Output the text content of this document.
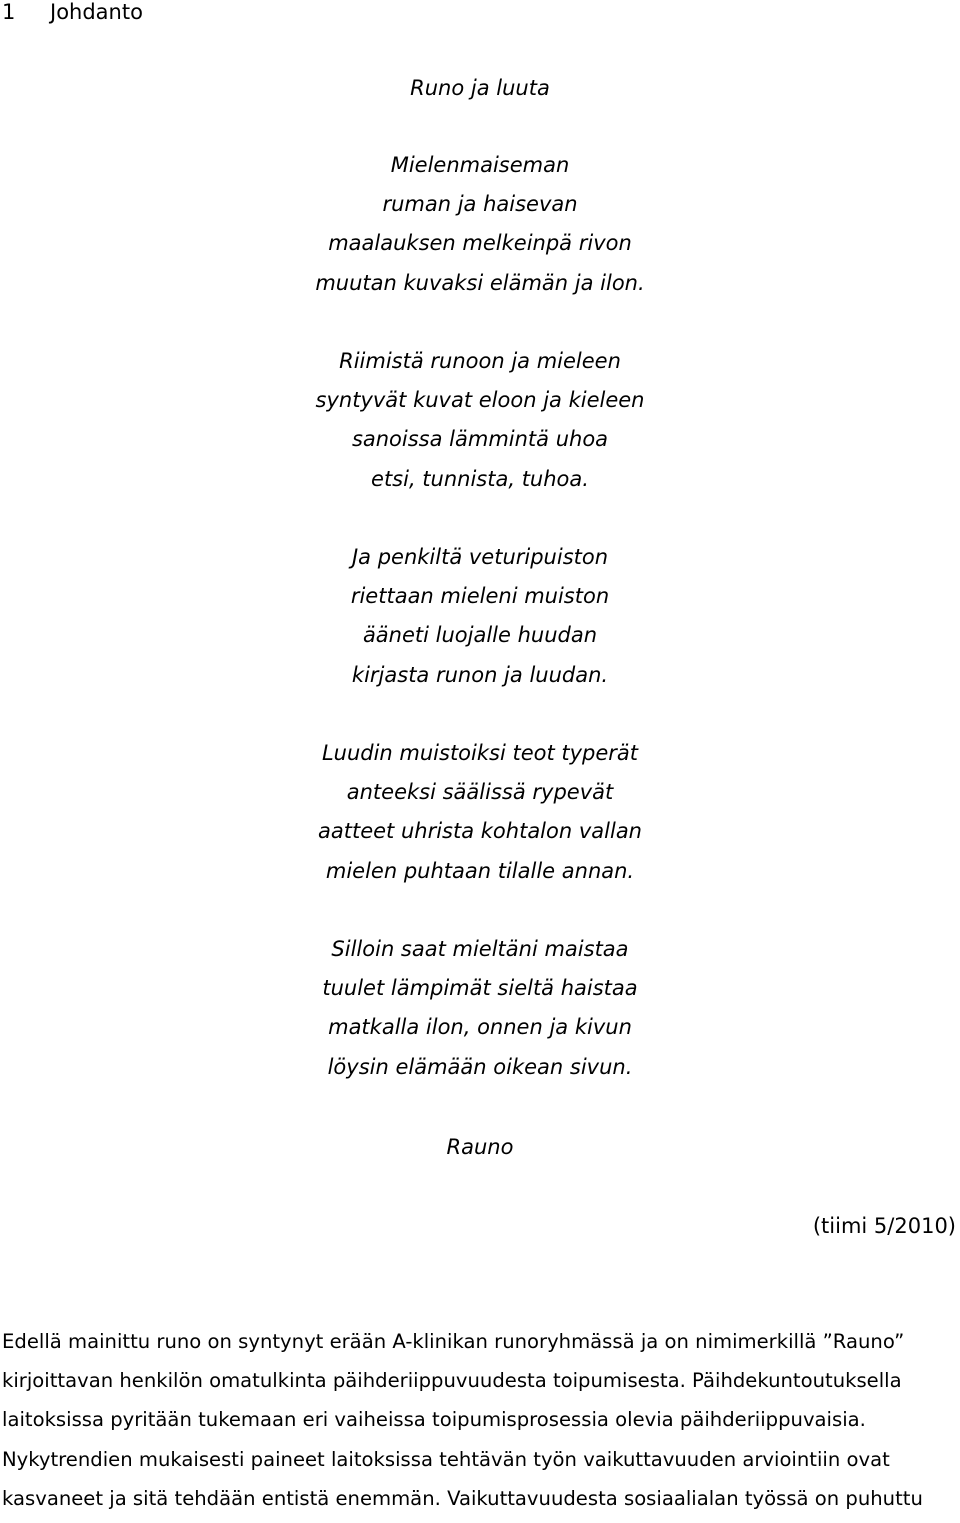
1 Johdanto
Runo ja luuta
Mielenmaiseman
ruman ja haisevan
maalauksen melkeinpä rivon
muutan kuvaksi elämän ja ilon.
Riimistä runoon ja mieleen
syntyvät kuvat eloon ja kieleen
sanoissa lämmintä uhoa
etsi, tunnista, tuhoa.
Ja penkiltä veturipuiston
riettaan mieleni muiston
ääneti luojalle huudan
kirjasta runon ja luudan.
Luudin muistoiksi teot typerät
anteeksi säälissä rypevät
aatteet uhrista kohtalon vallan
mielen puhtaan tilalle annan.
Silloin saat mieltäni maistaa
tuulet lämpimät sieltä haistaa
matkalla ilon, onnen ja kivun
löysin elämään oikean sivun.
Rauno
(tiimi 5/2010)
Edellä mainittu runo on syntynyt erään A-klinikan runoryhmässä ja on nimimerkillä ”Rauno”
kirjoittavan henkilön omatulkinta päihderiippuvuudesta toipumisesta. Päihdekuntoutuksella
laitoksissa pyritään tukemaan eri vaiheissa toipumisprosessia olevia päihderiippuvaisia.
Nykytrendien mukaisesti paineet laitoksissa tehtävän työn vaikuttavuuden arviointiin ovat
kasvaneet ja sitä tehdään entistä enemmän. Vaikuttavuudesta sosiaalialan työssä on puhuttu
